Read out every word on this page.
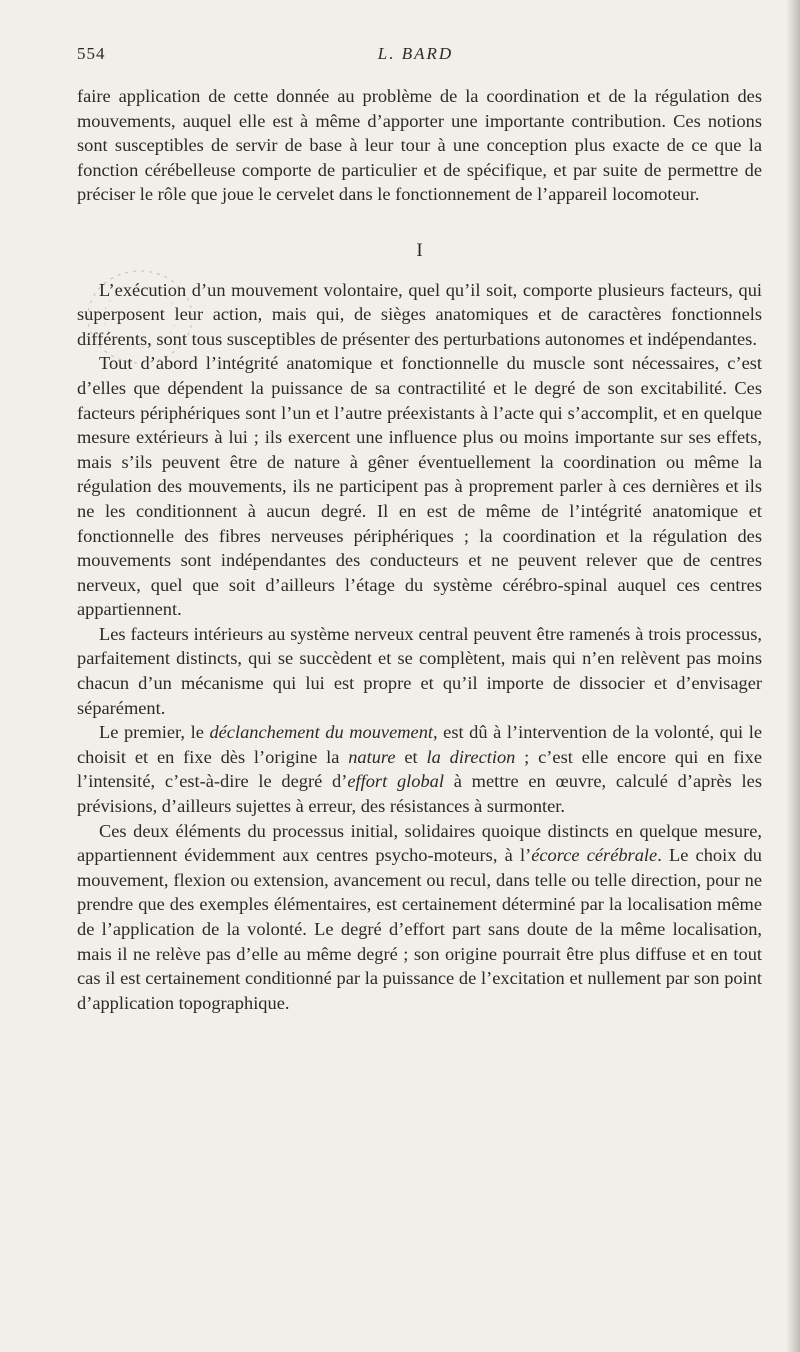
554	L. BARD

faire application de cette donnée au problème de la coordination et de la régulation des mouvements, auquel elle est à même d’apporter une importante contribution. Ces notions sont susceptibles de servir de base à leur tour à une conception plus exacte de ce que la fonction cérébelleuse comporte de particulier et de spécifique, et par suite de permettre de préciser le rôle que joue le cervelet dans le fonctionnement de l’appareil locomoteur.

I

L’exécution d’un mouvement volontaire, quel qu’il soit, comporte plusieurs facteurs, qui superposent leur action, mais qui, de sièges anatomiques et de caractères fonctionnels différents, sont tous susceptibles de présenter des perturbations autonomes et indépendantes.

Tout d’abord l’intégrité anatomique et fonctionnelle du muscle sont nécessaires, c’est d’elles que dépendent la puissance de sa contractilité et le degré de son excitabilité. Ces facteurs périphériques sont l’un et l’autre préexistants à l’acte qui s’accomplit, et en quelque mesure extérieurs à lui ; ils exercent une influence plus ou moins importante sur ses effets, mais s’ils peuvent être de nature à gêner éventuellement la coordination ou même la régulation des mouvements, ils ne participent pas à proprement parler à ces dernières et ils ne les conditionnent à aucun degré. Il en est de même de l’intégrité anatomique et fonctionnelle des fibres nerveuses périphériques ; la coordination et la régulation des mouvements sont indépendantes des conducteurs et ne peuvent relever que de centres nerveux, quel que soit d’ailleurs l’étage du système cérébro-spinal auquel ces centres appartiennent.

Les facteurs intérieurs au système nerveux central peuvent être ramenés à trois processus, parfaitement distincts, qui se succèdent et se complètent, mais qui n’en relèvent pas moins chacun d’un mécanisme qui lui est propre et qu’il importe de dissocier et d’envisager séparément.

Le premier, le déclanchement du mouvement, est dû à l’intervention de la volonté, qui le choisit et en fixe dès l’origine la nature et la direction ; c’est elle encore qui en fixe l’intensité, c’est-à-dire le degré d’effort global à mettre en œuvre, calculé d’après les prévisions, d’ailleurs sujettes à erreur, des résistances à surmonter.

Ces deux éléments du processus initial, solidaires quoique distincts en quelque mesure, appartiennent évidemment aux centres psycho-moteurs, à l’écorce cérébrale. Le choix du mouvement, flexion ou extension, avancement ou recul, dans telle ou telle direction, pour ne prendre que des exemples élémentaires, est certainement déterminé par la localisation même de l’application de la volonté. Le degré d’effort part sans doute de la même localisation, mais il ne relève pas d’elle au même degré ; son origine pourrait être plus diffuse et en tout cas il est certainement conditionné par la puissance de l’excitation et nullement par son point d’application topographique.
